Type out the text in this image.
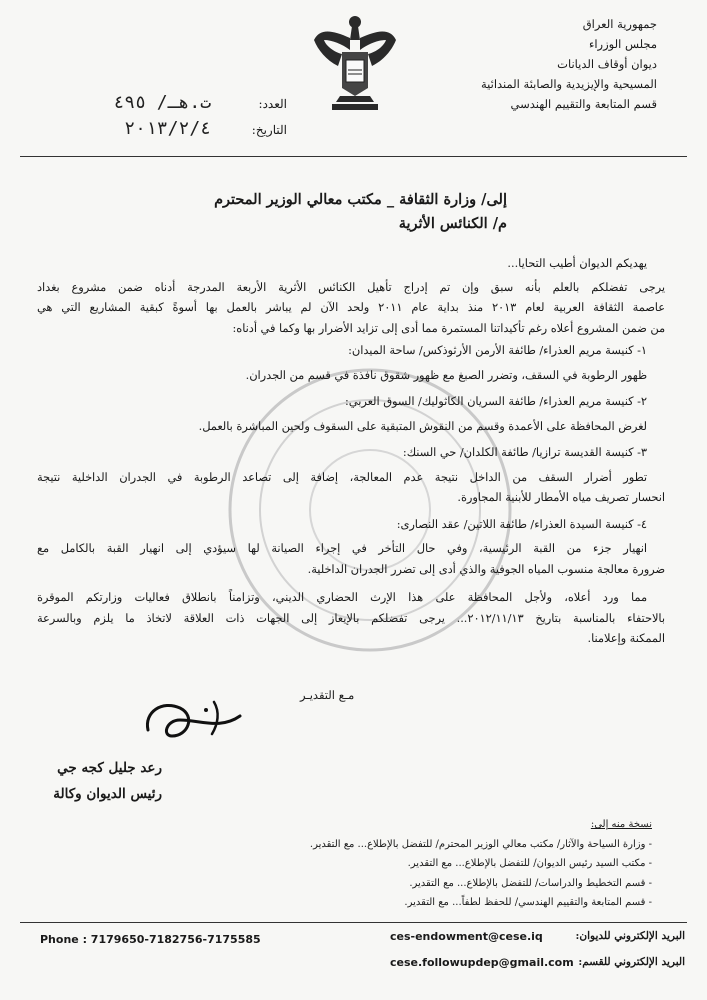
جمهورية العراق
مجلس الوزراء
ديوان أوقاف الديانات
المسيحية والإيزيدية والصابئة المندائية
قسم المتابعة والتقييم الهندسي
العدد:
ت.هـ/ ٤٩٥
التاريخ:
٢٠١٣/٢/٤
إلى/ وزارة الثقافة _ مكتب معالي الوزير المحترم
م/ الكنائس الأثرية
يهديكم الديوان أطيب التحايا...
يرجى تفضلكم بالعلم بأنه سبق وإن تم إدراج تأهيل الكنائس الأثرية الأربعة المدرجة أدناه ضمن مشروع بغداد
عاصمة الثقافة العربية لعام ٢٠١٣ منذ بداية عام ٢٠١١ ولحد الآن لم يباشر بالعمل بها أسوةً كبقية المشاريع التي هي
من ضمن المشروع أعلاه رغم تأكيداتنا المستمرة مما أدى إلى تزايد الأضرار بها وكما في أدناه:
١- كنيسة مريم العذراء/ طائفة الأرمن الأرثوذكس/ ساحة الميدان:
ظهور الرطوبة في السقف، وتضرر الصبغ مع ظهور شقوق نافذة في قسم من الجدران.
٢- كنيسة مريم العذراء/ طائفة السريان الكاثوليك/ السوق العربي:
لغرض المحافظة على الأعمدة وقسم من النقوش المتبقية على السقوف ولحين المباشرة بالعمل.
٣- كنيسة القديسة ترازيا/ طائفة الكلدان/ حي السنك:
تطور أضرار السقف من الداخل نتيجة عدم المعالجة، إضافة إلى تصاعد الرطوبة في الجدران الداخلية نتيجة
انحسار تصريف مياه الأمطار للأبنية المجاورة.
٤- كنيسة السيدة العذراء/ طائفة اللاتين/ عقد النصارى:
انهيار جزء من القبة الرئيسية، وفي حال التأخر في إجراء الصيانة لها سيؤدي إلى انهيار القبة بالكامل مع
ضرورة معالجة منسوب المياه الجوفية والذي أدى إلى تضرر الجدران الداخلية.
مما ورد أعلاه، ولأجل المحافظة على هذا الإرث الحضاري الديني، وتزامناً بانطلاق فعاليات وزارتكم الموقرة
بالاحتفاء بالمناسبة بتاريخ ٢٠١٢/١١/١٣... يرجى تفضلكم بالإيعاز إلى الجهات ذات العلاقة لاتخاذ ما يلزم وبالسرعة
الممكنة وإعلامنا.
مـع التقديـر
رعد جليل كجه جي
رئيس الديوان وكالة
نسخة منه إلى:
- وزارة السياحة والآثار/ مكتب معالي الوزير المحترم/ للتفضل بالإطلاع... مع التقدير.
- مكتب السيد رئيس الديوان/ للتفضل بالإطلاع... مع التقدير.
- قسم التخطيط والدراسات/ للتفضل بالإطلاع... مع التقدير.
- قسم المتابعة والتقييم الهندسي/ للحفظ لطفاً... مع التقدير.
Phone : 7179650-7182756-7175585	ces-endowment@cese.iq	البريد الإلكتروني للديوان:
cese.followupdep@gmail.com البريد الإلكتروني للقسم:
